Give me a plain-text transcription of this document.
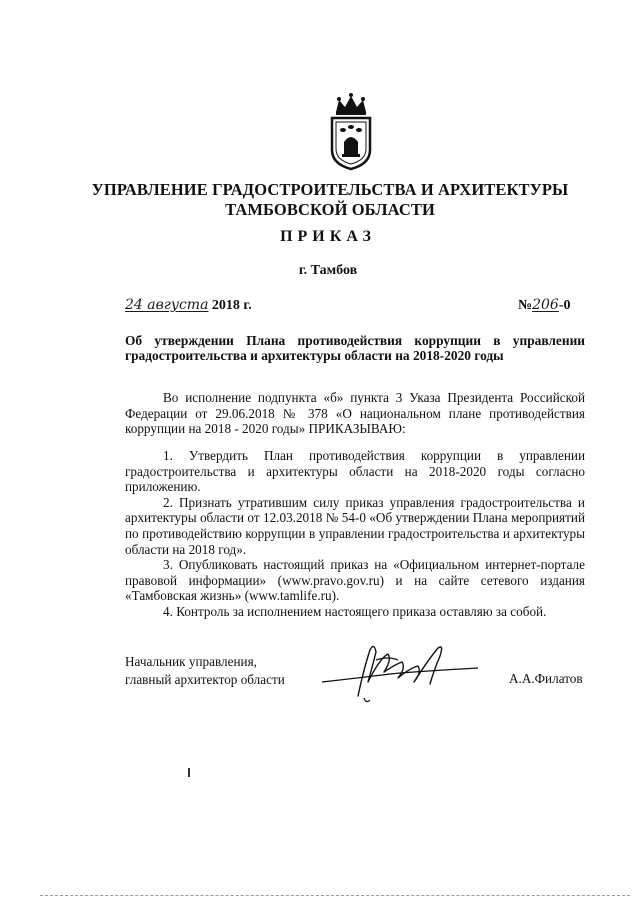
УПРАВЛЕНИЕ ГРАДОСТРОИТЕЛЬСТВА И АРХИТЕКТУРЫ
ТАМБОВСКОЙ ОБЛАСТИ
ПРИКАЗ
г. Тамбов
24 августа 2018 г.	№206-0
Об утверждении Плана противодействия коррупции в управлении градостроительства и архитектуры области на 2018-2020 годы

Во исполнение подпункта «б» пункта 3 Указа Президента Российской Федерации от 29.06.2018 № 378 «О национальном плане противодействия коррупции на 2018 - 2020 годы» ПРИКАЗЫВАЮ:

1. Утвердить План противодействия коррупции в управлении градостроительства и архитектуры области на 2018-2020 годы согласно приложению.

2. Признать утратившим силу приказ управления градостроительства и архитектуры области от 12.03.2018 № 54-0 «Об утверждении Плана мероприятий по противодействию коррупции в управлении градостроительства и архитектуры области на 2018 год».

3. Опубликовать настоящий приказ на «Официальном интернет-портале правовой информации» (www.pravo.gov.ru) и на сайте сетевого издания «Тамбовская жизнь» (www.tamlife.ru).

4. Контроль за исполнением настоящего приказа оставляю за собой.

Начальник управления,
главный архитектор области	А.А.Филатов
